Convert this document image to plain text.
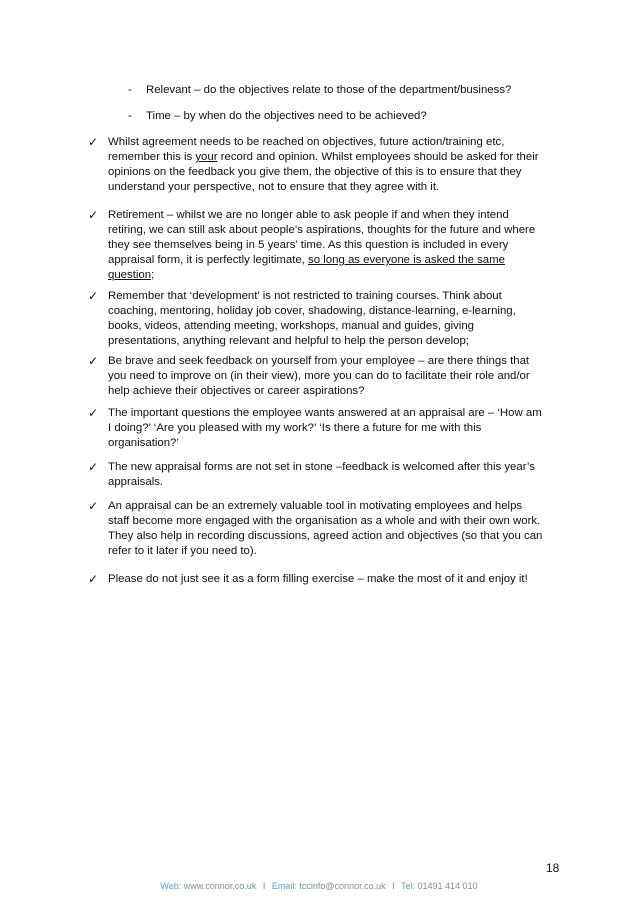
-	Relevant – do the objectives relate to those of the department/business?
-	Time – by when do the objectives need to be achieved?
✓ Whilst agreement needs to be reached on objectives, future action/training etc,
remember this is your record and opinion. Whilst employees should be asked for their
opinions on the feedback you give them, the objective of this is to ensure that they
understand your perspective, not to ensure that they agree with it.
✓ Retirement – whilst we are no longer able to ask people if and when they intend
retiring, we can still ask about people’s aspirations, thoughts for the future and where
they see themselves being in 5 years’ time. As this question is included in every
appraisal form, it is perfectly legitimate, so long as everyone is asked the same
question;
✓ Remember that ‘development’ is not restricted to training courses. Think about
coaching, mentoring, holiday job cover, shadowing, distance-learning, e-learning,
books, videos, attending meeting, workshops, manual and guides, giving
presentations, anything relevant and helpful to help the person develop;
✓ Be brave and seek feedback on yourself from your employee – are there things that
you need to improve on (in their view), more you can do to facilitate their role and/or
help achieve their objectives or career aspirations?
✓ The important questions the employee wants answered at an appraisal are – ‘How am
I doing?’ ‘Are you pleased with my work?’ ‘Is there a future for me with this
organisation?’
✓ The new appraisal forms are not set in stone –feedback is welcomed after this year’s
appraisals.
✓ An appraisal can be an extremely valuable tool in motivating employees and helps
staff become more engaged with the organisation as a whole and with their own work.
They also help in recording discussions, agreed action and objectives (so that you can
refer to it later if you need to).
✓ Please do not just see it as a form filling exercise – make the most of it and enjoy it!
18
Web: www.connor.co.uk I Email: tccinfo@connor.co.uk I Tel: 01491 414 010
